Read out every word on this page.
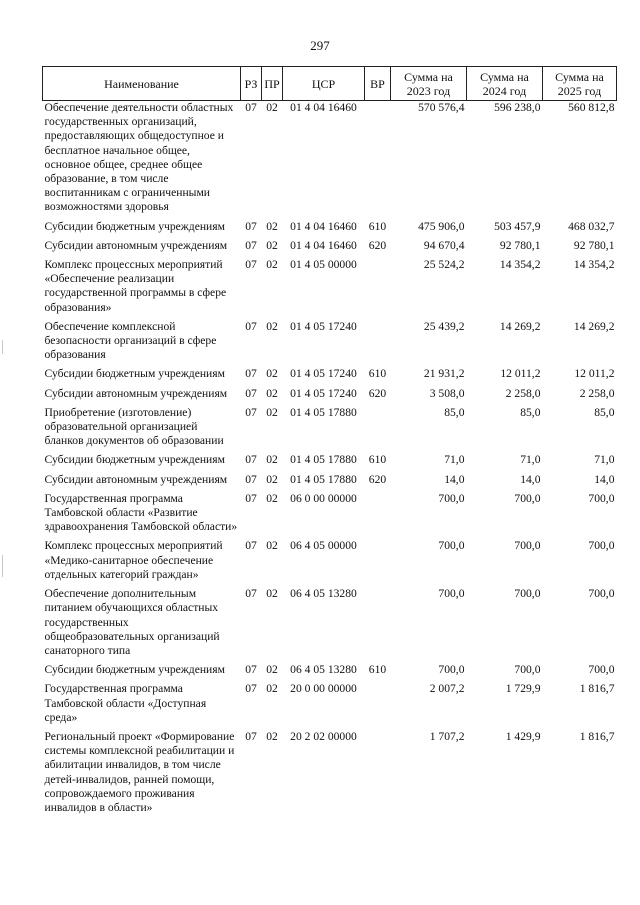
297
Наименование	РЗ	ПР	ЦСР	ВР	Сумма на 2023 год	Сумма на 2024 год	Сумма на 2025 год
Обеспечение деятельности областных государственных организаций, предоставляющих общедоступное и бесплатное начальное общее, основное общее, среднее общее образование, в том числе воспитанникам с ограниченными возможностями здоровья	07	02	01 4 04 16460		570 576,4	596 238,0	560 812,8
Субсидии бюджетным учреждениям	07	02	01 4 04 16460	610	475 906,0	503 457,9	468 032,7
Субсидии автономным учреждениям	07	02	01 4 04 16460	620	94 670,4	92 780,1	92 780,1
Комплекс процессных мероприятий «Обеспечение реализации государственной программы в сфере образования»	07	02	01 4 05 00000		25 524,2	14 354,2	14 354,2
Обеспечение комплексной безопасности организаций в сфере образования	07	02	01 4 05 17240		25 439,2	14 269,2	14 269,2
Субсидии бюджетным учреждениям	07	02	01 4 05 17240	610	21 931,2	12 011,2	12 011,2
Субсидии автономным учреждениям	07	02	01 4 05 17240	620	3 508,0	2 258,0	2 258,0
Приобретение (изготовление) образовательной организацией бланков документов об образовании	07	02	01 4 05 17880		85,0	85,0	85,0
Субсидии бюджетным учреждениям	07	02	01 4 05 17880	610	71,0	71,0	71,0
Субсидии автономным учреждениям	07	02	01 4 05 17880	620	14,0	14,0	14,0
Государственная программа Тамбовской области «Развитие здравоохранения Тамбовской области»	07	02	06 0 00 00000		700,0	700,0	700,0
Комплекс процессных мероприятий «Медико-санитарное обеспечение отдельных категорий граждан»	07	02	06 4 05 00000		700,0	700,0	700,0
Обеспечение дополнительным питанием обучающихся областных государственных общеобразовательных организаций санаторного типа	07	02	06 4 05 13280		700,0	700,0	700,0
Субсидии бюджетным учреждениям	07	02	06 4 05 13280	610	700,0	700,0	700,0
Государственная программа Тамбовской области «Доступная среда»	07	02	20 0 00 00000		2 007,2	1 729,9	1 816,7
Региональный проект «Формирование системы комплексной реабилитации и абилитации инвалидов, в том числе детей-инвалидов, ранней помощи, сопровождаемого проживания инвалидов в области»	07	02	20 2 02 00000		1 707,2	1 429,9	1 816,7
